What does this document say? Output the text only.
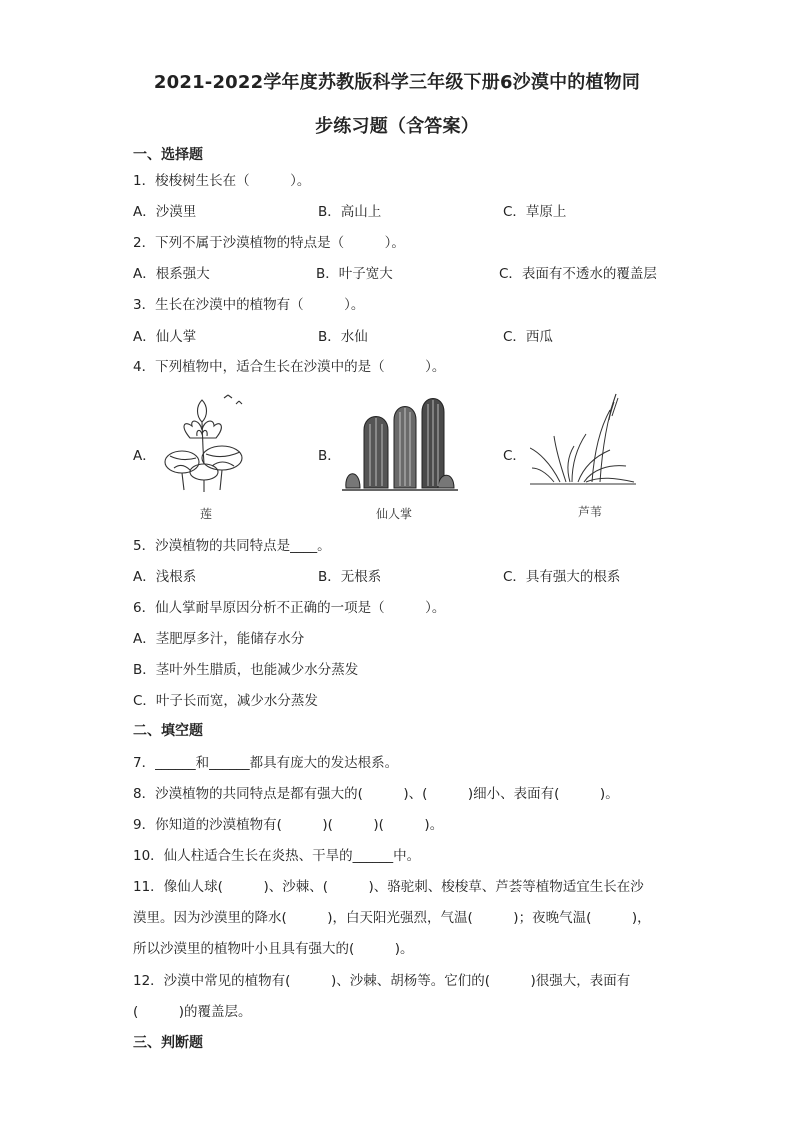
2021-2022学年度苏教版科学三年级下册6沙漠中的植物同
步练习题（含答案）
一、选择题
1．梭梭树生长在（　　　）。
A．沙漠里	B．高山上	C．草原上
2．下列不属于沙漠植物的特点是（　　　）。
A．根系强大	B．叶子宽大	C．表面有不透水的覆盖层
3．生长在沙漠中的植物有（　　　）。
A．仙人掌	B．水仙	C．西瓜
4．下列植物中，适合生长在沙漠中的是（　　　）。
A．
莲
B．
仙人掌
C．
芦苇
5．沙漠植物的共同特点是____。
A．浅根系	B．无根系	C．具有强大的根系
6．仙人掌耐旱原因分析不正确的一项是（　　　）。
A．茎肥厚多汁，能储存水分
B．茎叶外生腊质，也能减少水分蒸发
C．叶子长而宽，减少水分蒸发
二、填空题
7．______和______都具有庞大的发达根系。
8．沙漠植物的共同特点是都有强大的(　　　)、(　　　)细小、表面有(　　　)。
9．你知道的沙漠植物有(　　　)(　　　)(　　　)。
10．仙人柱适合生长在炎热、干旱的______中。
11．像仙人球(　　　)、沙棘、(　　　)、骆驼刺、梭梭草、芦荟等植物适宜生长在沙
漠里。因为沙漠里的降水(　　　)，白天阳光强烈，气温(　　　)；夜晚气温(　　　)，
所以沙漠里的植物叶小且具有强大的(　　　)。
12．沙漠中常见的植物有(　　　)、沙棘、胡杨等。它们的(　　　)很强大，表面有
(　　　)的覆盖层。
三、判断题
